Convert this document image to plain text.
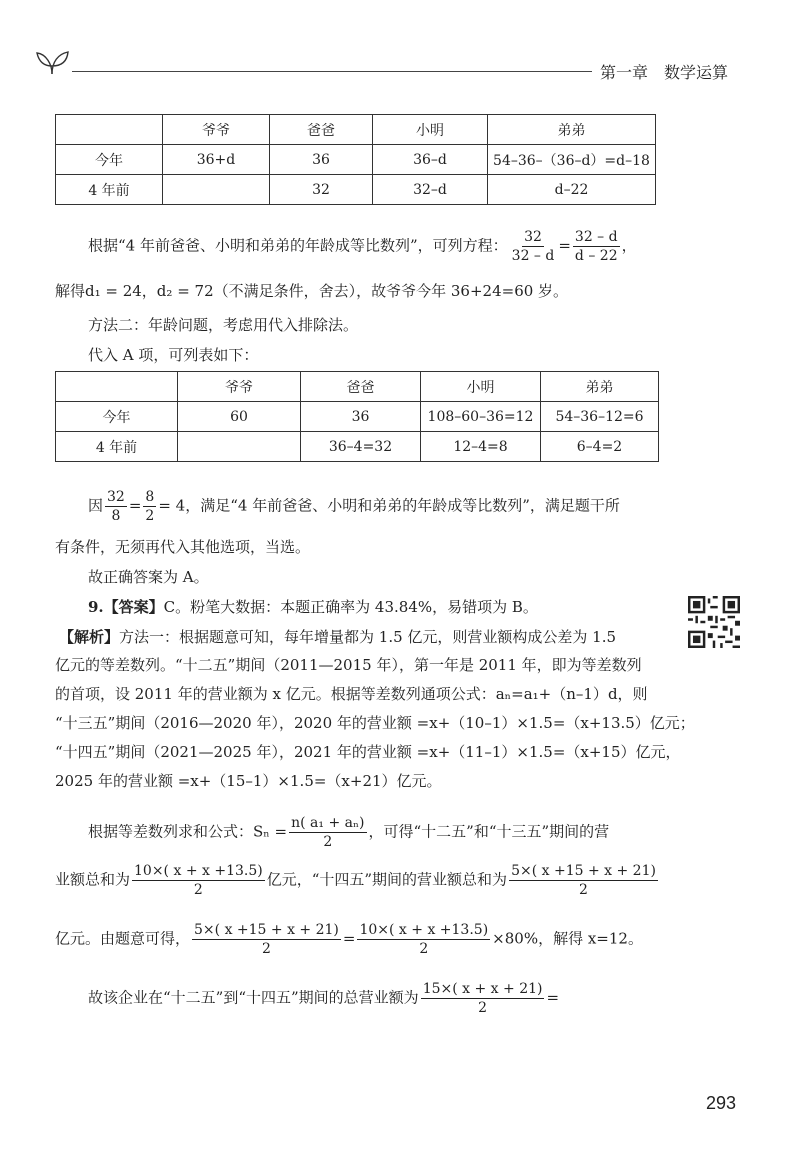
第一章　数学运算
	爷爷	爸爸	小明	弟弟
今年	36+d	36	36–d	54–36–（36–d）=d–18
4 年前		32	32–d	d–22
根据“4 年前爸爸、小明和弟弟的年龄成等比数列”，可列方程： $\frac{32}{32 - d} = \frac{32 - d}{d - 22}$ ，
解得d₁ = 24，d₂ = 72（不满足条件，舍去），故爷爷今年 36+24=60 岁。
方法二：年龄问题，考虑用代入排除法。
代入 A 项，可列表如下：
	爷爷	爸爸	小明	弟弟
今年	60	36	108–60–36=12	54–36–12=6
4 年前		36–4=32	12–4=8	6–4=2
因 $\frac{32}{8} = \frac{8}{2} = 4$，满足“4 年前爸爸、小明和弟弟的年龄成等比数列”，满足题干所
有条件，无须再代入其他选项，当选。
故正确答案为 A。
9.【答案】C。粉笔大数据：本题正确率为 43.84%，易错项为 B。
【解析】方法一：根据题意可知，每年增量都为 1.5 亿元，则营业额构成公差为 1.5
亿元的等差数列。“十二五”期间（2011—2015 年），第一年是 2011 年，即为等差数列
的首项，设 2011 年的营业额为 x 亿元。根据等差数列通项公式：aₙ=a₁+（n–1）d，则
“十三五”期间（2016—2020 年），2020 年的营业额 =x+（10–1）×1.5=（x+13.5）亿元；
“十四五”期间（2021—2025 年），2021 年的营业额 =x+（11–1）×1.5=（x+15）亿元，
2025 年的营业额 =x+（15–1）×1.5=（x+21）亿元。
根据等差数列求和公式：$S_n = \frac{\text{n( a₁ + aₙ)}}{2}$ ，可得“十二五”和“十三五”期间的营
业额总和为 $\frac{10\times( x + x +13.5)}{2}$ 亿元，“十四五”期间的营业额总和为 $\frac{5\times( x +15 + x + 21)}{2}$
亿元。由题意可得， $\frac{5\times( x +15 + x + 21)}{2} = \frac{10\times( x + x +13.5)}{2} \times 80\%$，解得 x=12。
故该企业在“十二五”到“十四五”期间的总营业额为 $\frac{15\times( x + x + 21)}{2}$ =
293
